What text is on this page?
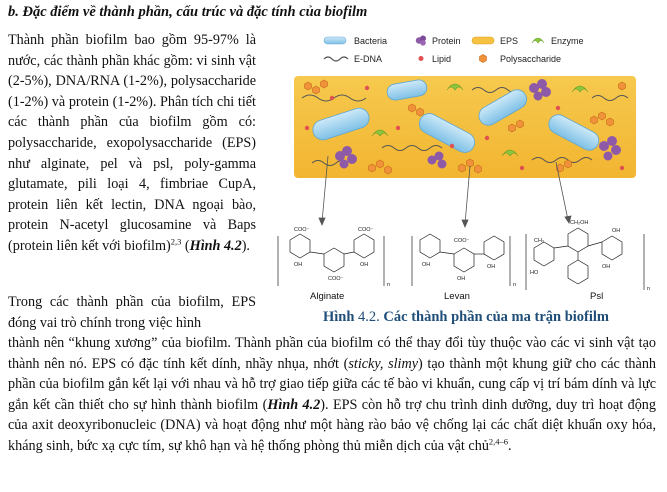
b. Đặc điểm về thành phần, cấu trúc và đặc tính của biofilm

Thành phần biofilm bao gồm 95-97% là nước, các thành phần khác gồm: vi sinh vật (2-5%), DNA/RNA (1-2%), polysaccharide (1-2%) và protein (1-2%). Phân tích chi tiết các thành phần của biofilm gồm có: polysaccharide, exopolysaccharide (EPS) như alginate, pel và psl, poly-gamma glutamate, pili loại 4, fimbriae CupA, protein liên kết lectin, DNA ngoại bào, protein N-acetyl glucosamine và Baps (protein liên kết với biofilm)$^{2,3}$ (Hình 4.2).

Trong các thành phần của biofilm, EPS đóng vai trò chính trong việc hình
thành nên “khung xương” của biofilm. Thành phần của biofilm có thể thay đổi tùy thuộc vào các vi sinh vật tạo thành nên nó. EPS có đặc tính kết dính, nhầy nhụa, nhớt (sticky, slimy) tạo thành một khung giữ cho các thành phần của biofilm gắn kết lại với nhau và hỗ trợ giao tiếp giữa các tế bào vi khuẩn, cung cấp vị trí bám dính và lực gắn kết cần thiết cho sự hình thành biofilm (Hình 4.2). EPS còn hỗ trợ chu trình dinh dưỡng, duy trì hoạt động của axit deoxyribonucleic (DNA) và hoạt động như một hàng rào bảo vệ chống lại các chất diệt khuẩn oxy hóa, kháng sinh, bức xạ cực tím, sự khô hạn và hệ thống phòng thủ miễn dịch của vật chủ$^{2,4-6}$.
Bacteria	Protein	EPS	Enzyme
E-DNA	Lipid	Polysaccharide
COO⁻
OH
COO⁻
COO⁻
OH
n
Alginate
COO⁻
OH
OH
OH
n
Levan
CH₂OH
OH
HO
CH₃
OH
n
Psl
Hình 4.2. Các thành phần của ma trận biofilm
